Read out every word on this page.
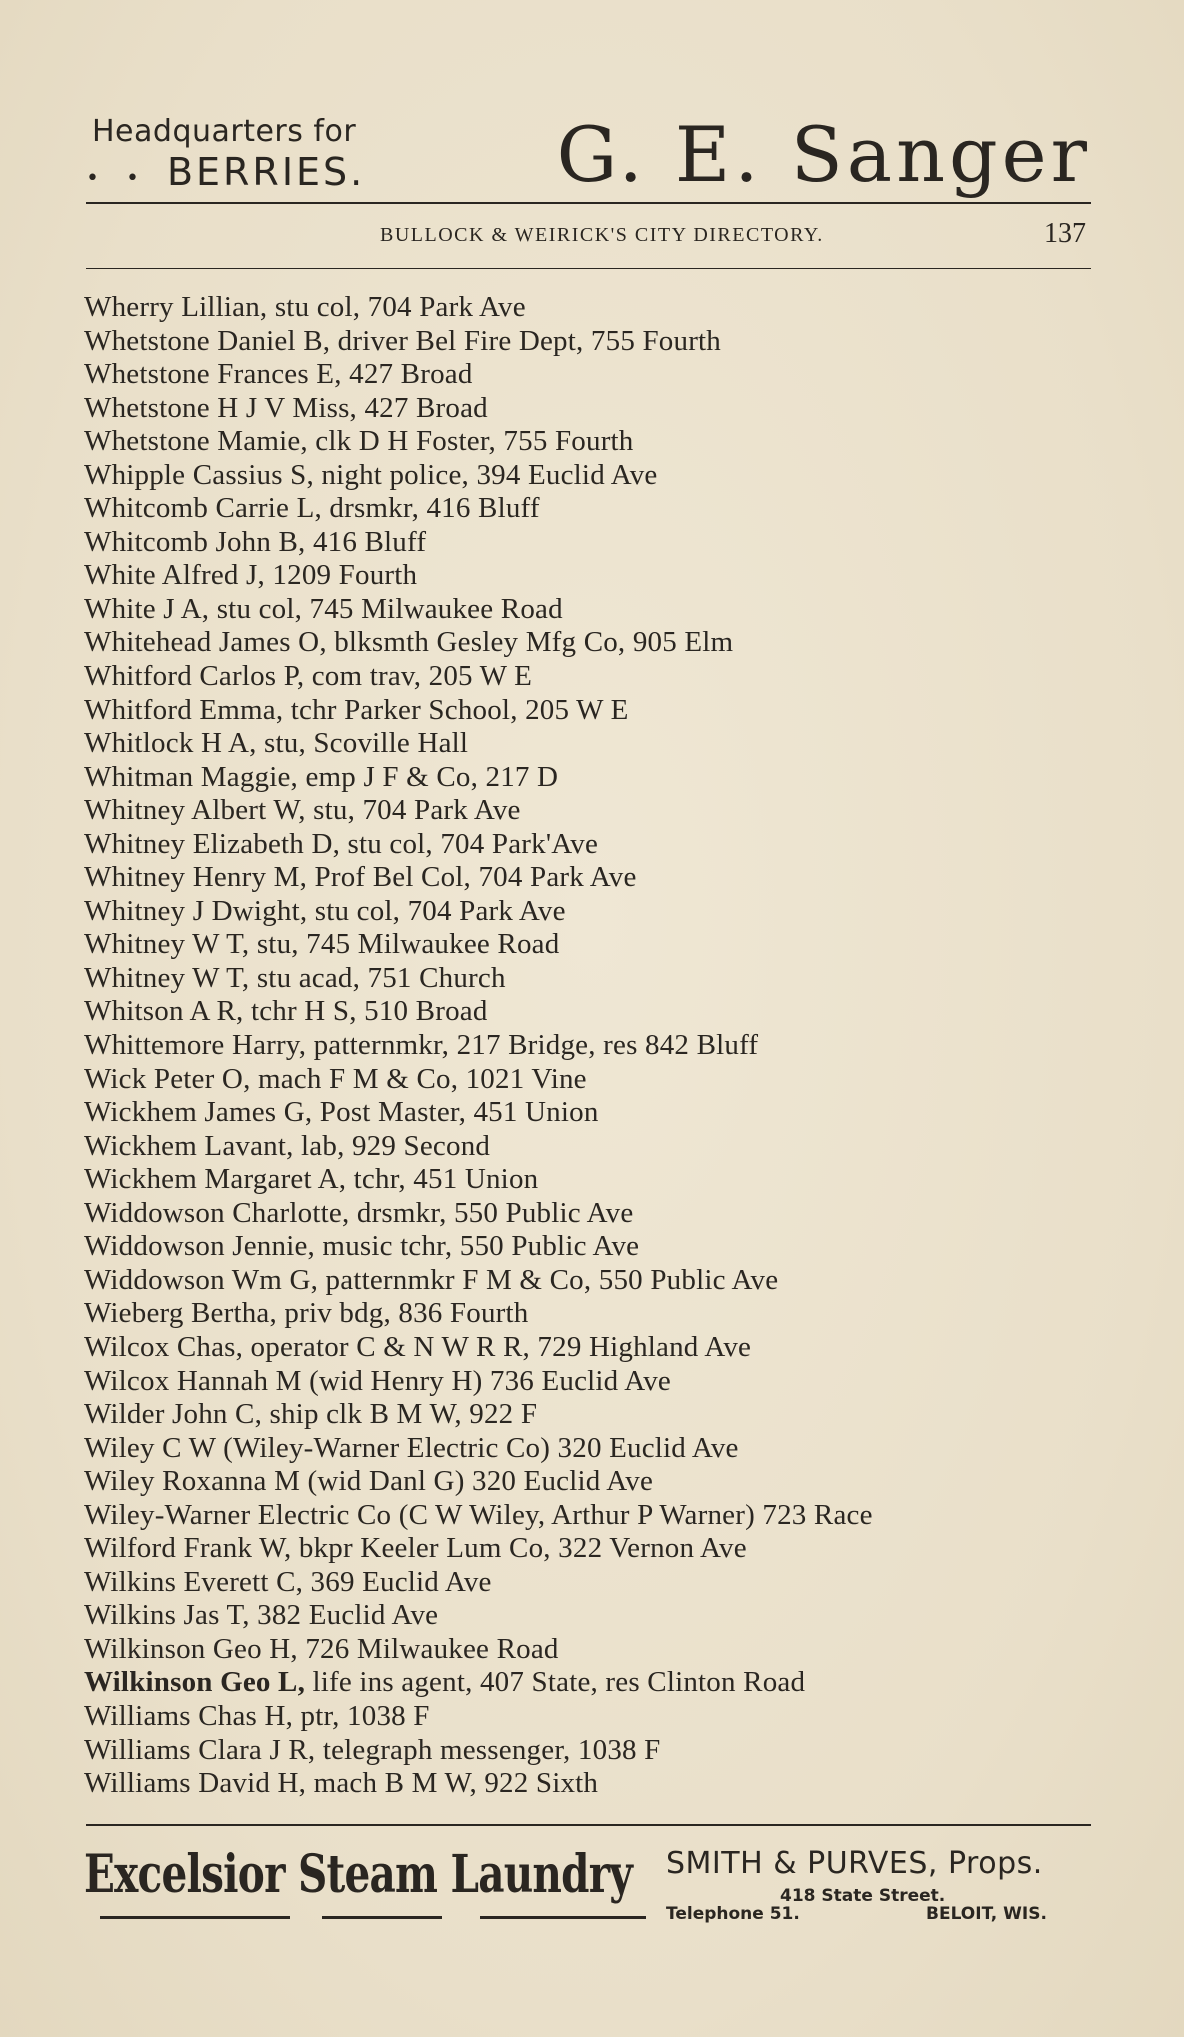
Headquarters for
• • BERRIES.	G. E. Sanger
BULLOCK & WEIRICK'S CITY DIRECTORY.	137
Wherry Lillian, stu col, 704 Park Ave
Whetstone Daniel B, driver Bel Fire Dept, 755 Fourth
Whetstone Frances E, 427 Broad
Whetstone H J V Miss, 427 Broad
Whetstone Mamie, clk D H Foster, 755 Fourth
Whipple Cassius S, night police, 394 Euclid Ave
Whitcomb Carrie L, drsmkr, 416 Bluff
Whitcomb John B, 416 Bluff
White Alfred J, 1209 Fourth
White J A, stu col, 745 Milwaukee Road
Whitehead James O, blksmth Gesley Mfg Co, 905 Elm
Whitford Carlos P, com trav, 205 W E
Whitford Emma, tchr Parker School, 205 W E
Whitlock H A, stu, Scoville Hall
Whitman Maggie, emp J F & Co, 217 D
Whitney Albert W, stu, 704 Park Ave
Whitney Elizabeth D, stu col, 704 Park'Ave
Whitney Henry M, Prof Bel Col, 704 Park Ave
Whitney J Dwight, stu col, 704 Park Ave
Whitney W T, stu, 745 Milwaukee Road
Whitney W T, stu acad, 751 Church
Whitson A R, tchr H S, 510 Broad
Whittemore Harry, patternmkr, 217 Bridge, res 842 Bluff
Wick Peter O, mach F M & Co, 1021 Vine
Wickhem James G, Post Master, 451 Union
Wickhem Lavant, lab, 929 Second
Wickhem Margaret A, tchr, 451 Union
Widdowson Charlotte, drsmkr, 550 Public Ave
Widdowson Jennie, music tchr, 550 Public Ave
Widdowson Wm G, patternmkr F M & Co, 550 Public Ave
Wieberg Bertha, priv bdg, 836 Fourth
Wilcox Chas, operator C & N W R R, 729 Highland Ave
Wilcox Hannah M (wid Henry H) 736 Euclid Ave
Wilder John C, ship clk B M W, 922 F
Wiley C W (Wiley-Warner Electric Co) 320 Euclid Ave
Wiley Roxanna M (wid Danl G) 320 Euclid Ave
Wiley-Warner Electric Co (C W Wiley, Arthur P Warner) 723 Race
Wilford Frank W, bkpr Keeler Lum Co, 322 Vernon Ave
Wilkins Everett C, 369 Euclid Ave
Wilkins Jas T, 382 Euclid Ave
Wilkinson Geo H, 726 Milwaukee Road
Wilkinson Geo L, life ins agent, 407 State, res Clinton Road
Williams Chas H, ptr, 1038 F
Williams Clara J R, telegraph messenger, 1038 F
Williams David H, mach B M W, 922 Sixth
Excelsior Steam Laundry SMITH & PURVES, Props.
418 State Street.
Telephone 51.	BELOIT, WIS.
